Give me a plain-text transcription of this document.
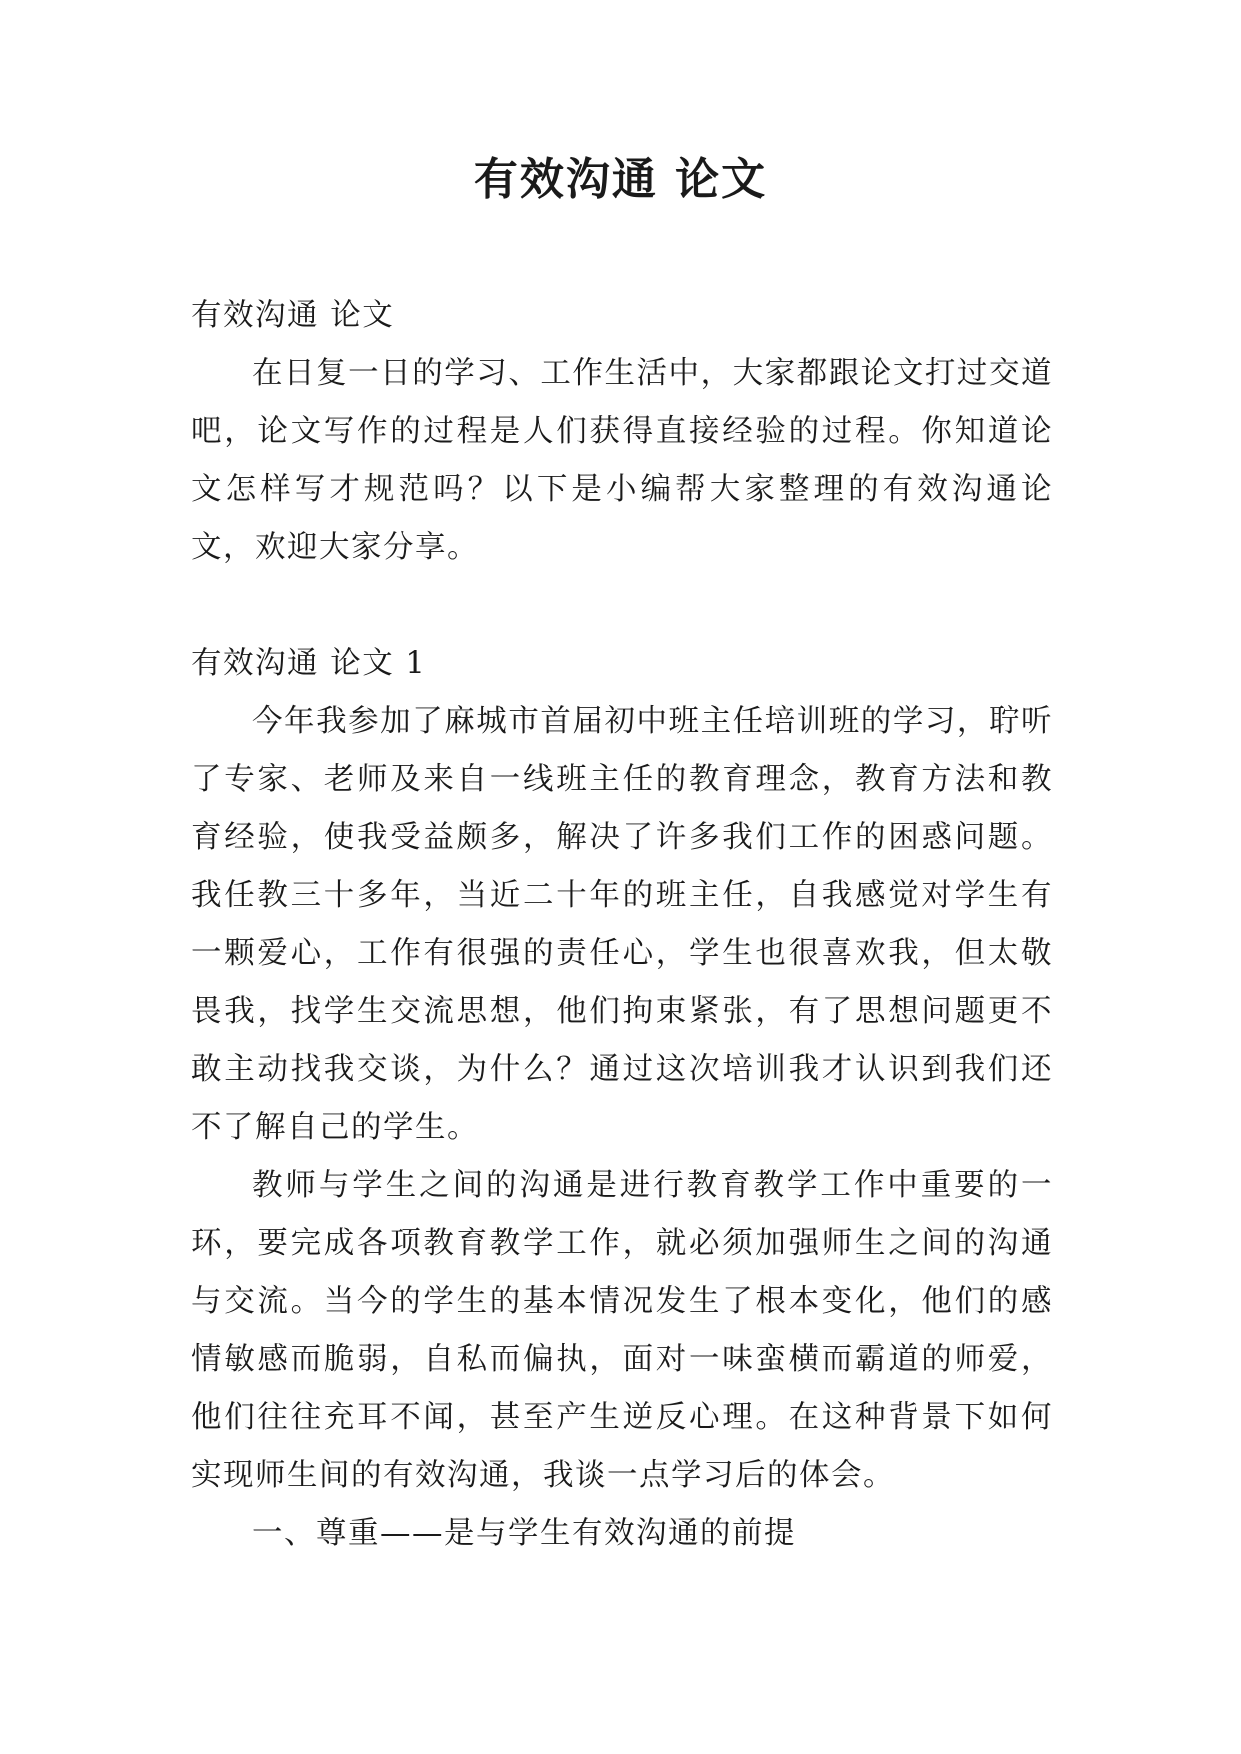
有效沟通 论文

有效沟通 论文

在日复一日的学习、工作生活中，大家都跟论文打过交道吧，论文写作的过程是人们获得直接经验的过程。你知道论文怎样写才规范吗？以下是小编帮大家整理的有效沟通论文，欢迎大家分享。

有效沟通 论文 1

今年我参加了麻城市首届初中班主任培训班的学习，聍听了专家、老师及来自一线班主任的教育理念，教育方法和教育经验，使我受益颇多，解决了许多我们工作的困惑问题。我任教三十多年，当近二十年的班主任，自我感觉对学生有一颗爱心，工作有很强的责任心，学生也很喜欢我，但太敬畏我，找学生交流思想，他们拘束紧张，有了思想问题更不敢主动找我交谈，为什么？通过这次培训我才认识到我们还不了解自己的学生。

教师与学生之间的沟通是进行教育教学工作中重要的一环，要完成各项教育教学工作，就必须加强师生之间的沟通与交流。当今的学生的基本情况发生了根本变化，他们的感情敏感而脆弱，自私而偏执，面对一味蛮横而霸道的师爱，他们往往充耳不闻，甚至产生逆反心理。在这种背景下如何实现师生间的有效沟通，我谈一点学习后的体会。

一、尊重——是与学生有效沟通的前提
